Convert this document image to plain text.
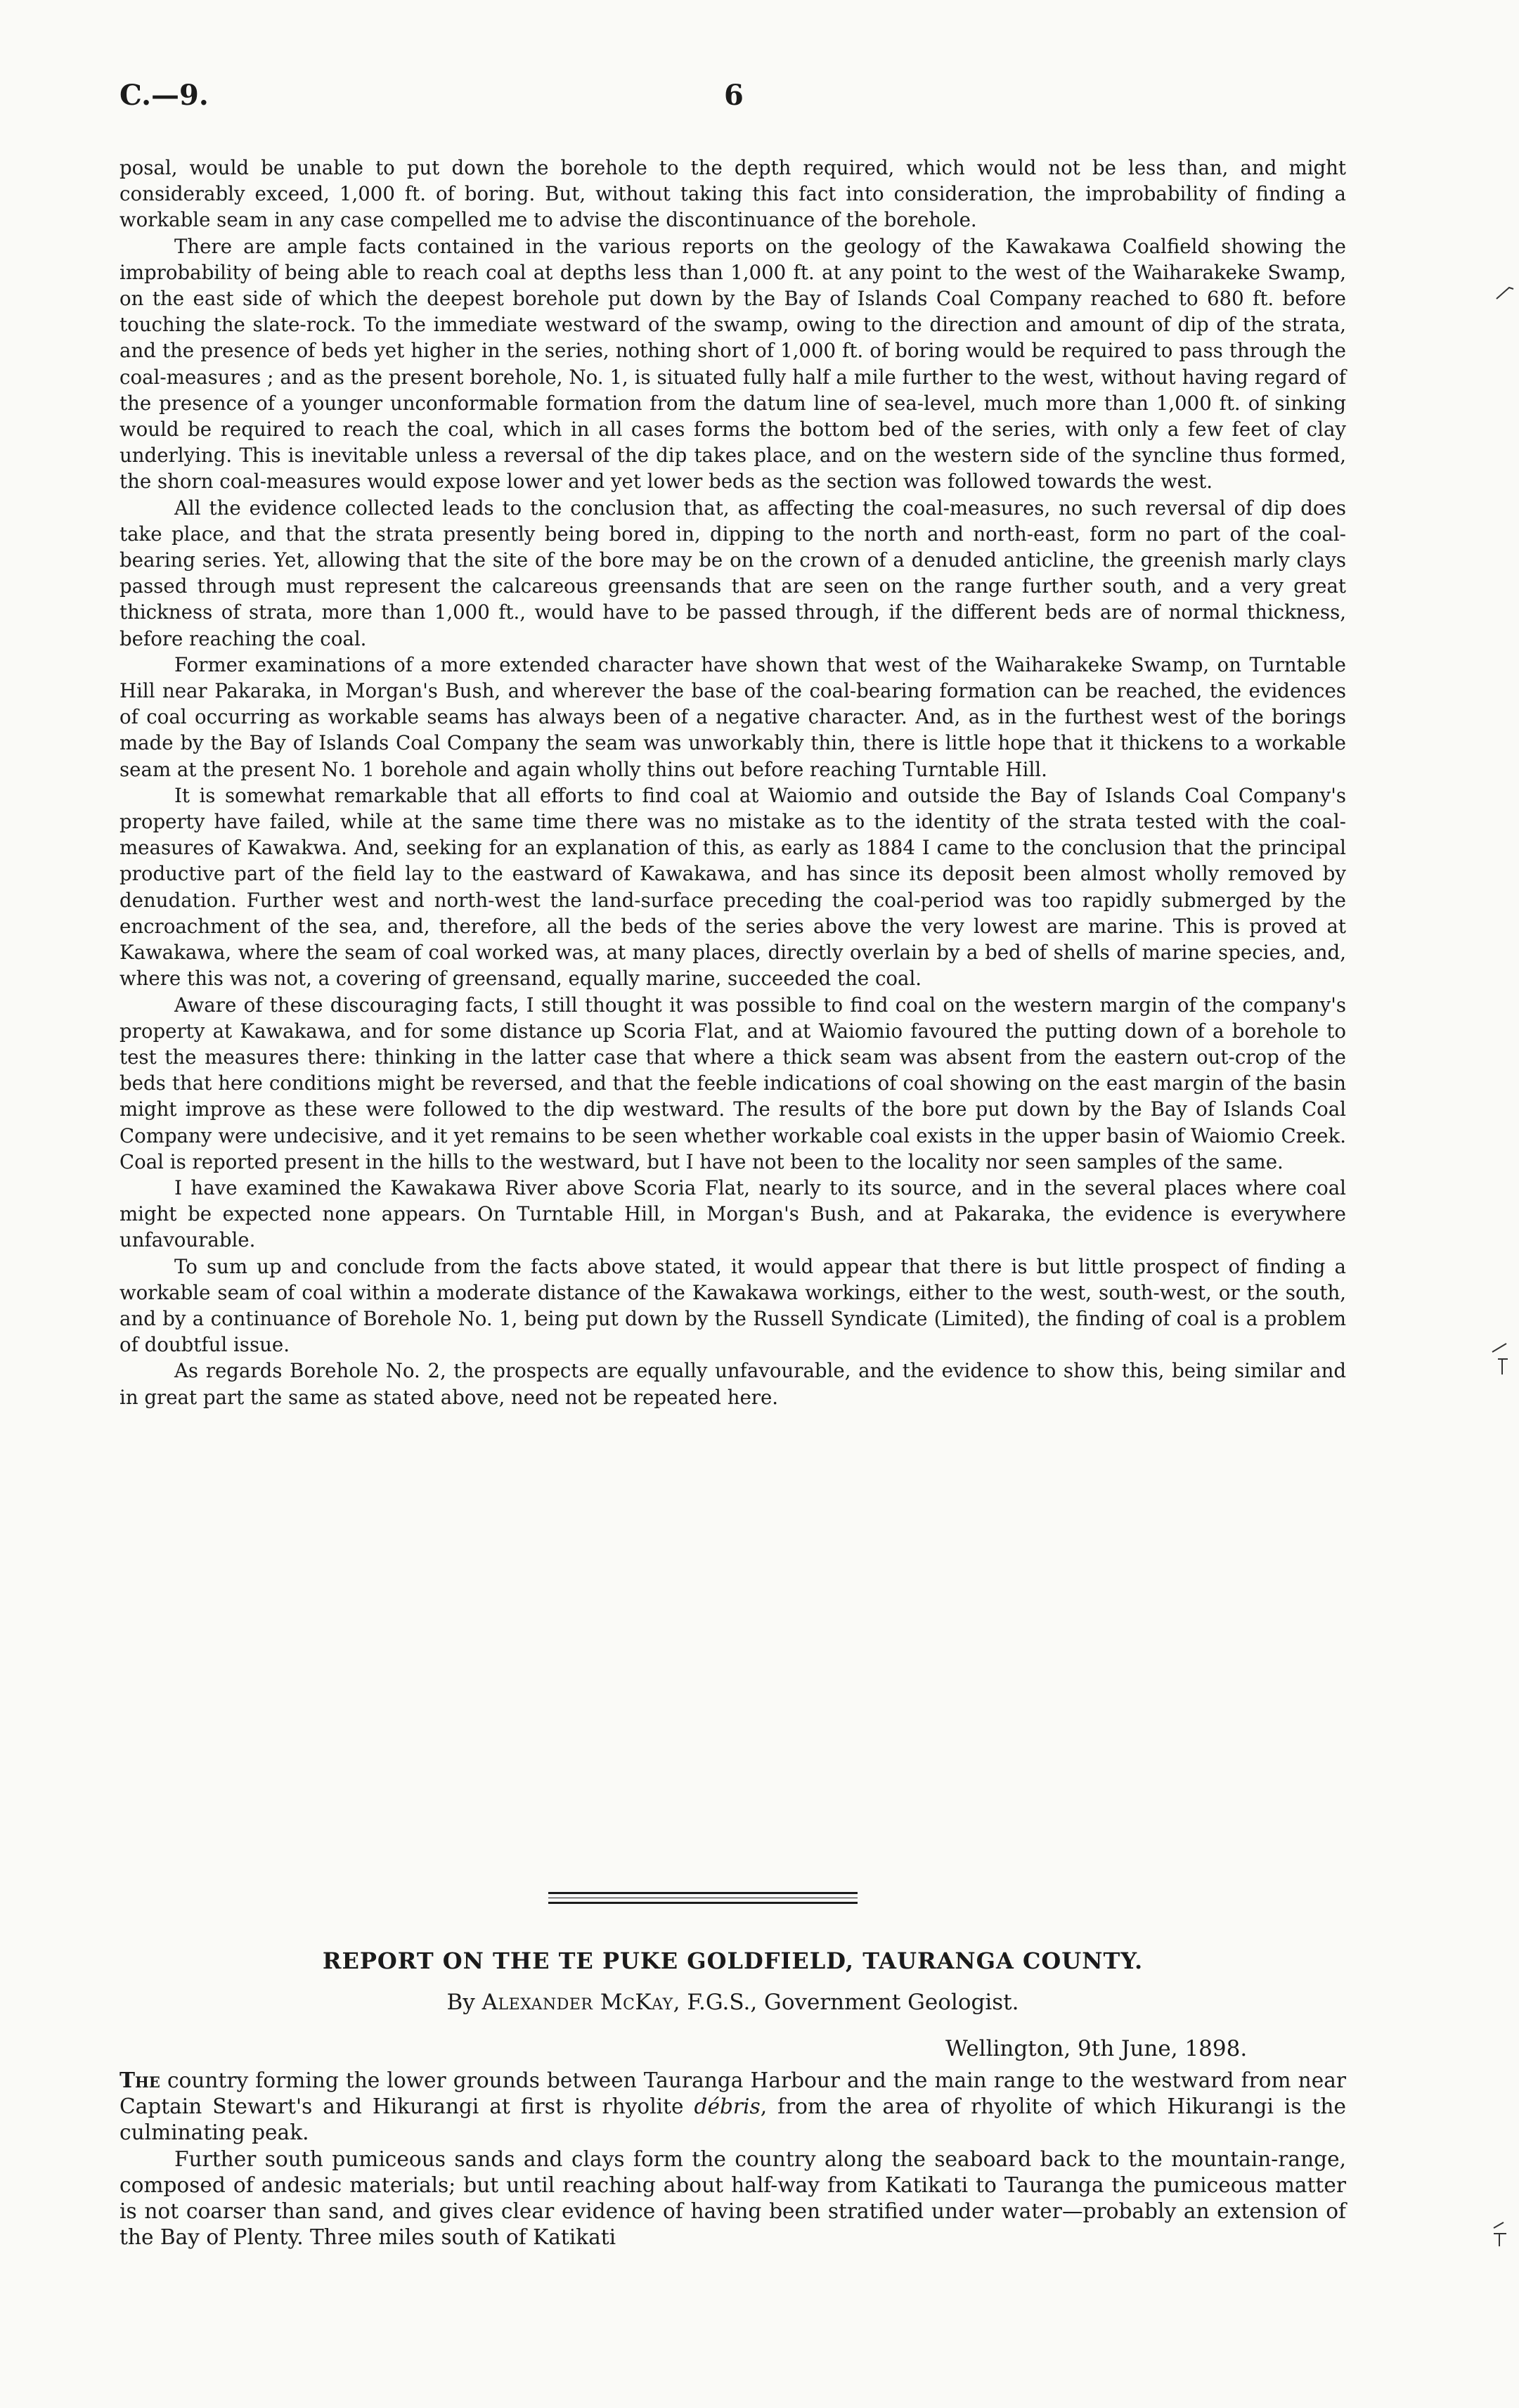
C.—9.	6

posal, would be unable to put down the borehole to the depth required, which would not be less than, and might considerably exceed, 1,000 ft. of boring. But, without taking this fact into consideration, the improbability of finding a workable seam in any case compelled me to advise the discontinuance of the borehole.

There are ample facts contained in the various reports on the geology of the Kawakawa Coalfield showing the improbability of being able to reach coal at depths less than 1,000 ft. at any point to the west of the Waiharakeke Swamp, on the east side of which the deepest borehole put down by the Bay of Islands Coal Company reached to 680 ft. before touching the slate-rock. To the immediate westward of the swamp, owing to the direction and amount of dip of the strata, and the presence of beds yet higher in the series, nothing short of 1,000 ft. of boring would be required to pass through the coal-measures ; and as the present borehole, No. 1, is situated fully half a mile further to the west, without having regard of the presence of a younger unconformable formation from the datum line of sea-level, much more than 1,000 ft. of sinking would be required to reach the coal, which in all cases forms the bottom bed of the series, with only a few feet of clay underlying. This is inevitable unless a reversal of the dip takes place, and on the western side of the syncline thus formed, the shorn coal-measures would expose lower and yet lower beds as the section was followed towards the west.

All the evidence collected leads to the conclusion that, as affecting the coal-measures, no such reversal of dip does take place, and that the strata presently being bored in, dipping to the north and north-east, form no part of the coal-bearing series. Yet, allowing that the site of the bore may be on the crown of a denuded anticline, the greenish marly clays passed through must represent the calcareous greensands that are seen on the range further south, and a very great thickness of strata, more than 1,000 ft., would have to be passed through, if the different beds are of normal thickness, before reaching the coal.

Former examinations of a more extended character have shown that west of the Waiharakeke Swamp, on Turntable Hill near Pakaraka, in Morgan's Bush, and wherever the base of the coal-bearing formation can be reached, the evidences of coal occurring as workable seams has always been of a negative character. And, as in the furthest west of the borings made by the Bay of Islands Coal Company the seam was unworkably thin, there is little hope that it thickens to a workable seam at the present No. 1 borehole and again wholly thins out before reaching Turntable Hill.

It is somewhat remarkable that all efforts to find coal at Waiomio and outside the Bay of Islands Coal Company's property have failed, while at the same time there was no mistake as to the identity of the strata tested with the coal-measures of Kawakwa. And, seeking for an explanation of this, as early as 1884 I came to the conclusion that the principal productive part of the field lay to the eastward of Kawakawa, and has since its deposit been almost wholly removed by denudation. Further west and north-west the land-surface preceding the coal-period was too rapidly submerged by the encroachment of the sea, and, therefore, all the beds of the series above the very lowest are marine. This is proved at Kawakawa, where the seam of coal worked was, at many places, directly overlain by a bed of shells of marine species, and, where this was not, a covering of greensand, equally marine, succeeded the coal.

Aware of these discouraging facts, I still thought it was possible to find coal on the western margin of the company's property at Kawakawa, and for some distance up Scoria Flat, and at Waiomio favoured the putting down of a borehole to test the measures there: thinking in the latter case that where a thick seam was absent from the eastern out-crop of the beds that here conditions might be reversed, and that the feeble indications of coal showing on the east margin of the basin might improve as these were followed to the dip westward. The results of the bore put down by the Bay of Islands Coal Company were undecisive, and it yet remains to be seen whether workable coal exists in the upper basin of Waiomio Creek. Coal is reported present in the hills to the westward, but I have not been to the locality nor seen samples of the same.

I have examined the Kawakawa River above Scoria Flat, nearly to its source, and in the several places where coal might be expected none appears. On Turntable Hill, in Morgan's Bush, and at Pakaraka, the evidence is everywhere unfavourable.

To sum up and conclude from the facts above stated, it would appear that there is but little prospect of finding a workable seam of coal within a moderate distance of the Kawakawa workings, either to the west, south-west, or the south, and by a continuance of Borehole No. 1, being put down by the Russell Syndicate (Limited), the finding of coal is a problem of doubtful issue.

As regards Borehole No. 2, the prospects are equally unfavourable, and the evidence to show this, being similar and in great part the same as stated above, need not be repeated here.

REPORT ON THE TE PUKE GOLDFIELD, TAURANGA COUNTY.
By Alexander McKay, F.G.S., Government Geologist.
Wellington, 9th June, 1898.

The country forming the lower grounds between Tauranga Harbour and the main range to the westward from near Captain Stewart's and Hikurangi at first is rhyolite débris, from the area of rhyolite of which Hikurangi is the culminating peak.

Further south pumiceous sands and clays form the country along the seaboard back to the mountain-range, composed of andesic materials; but until reaching about half-way from Katikati to Tauranga the pumiceous matter is not coarser than sand, and gives clear evidence of having been stratified under water—probably an extension of the Bay of Plenty. Three miles south of Katikati
